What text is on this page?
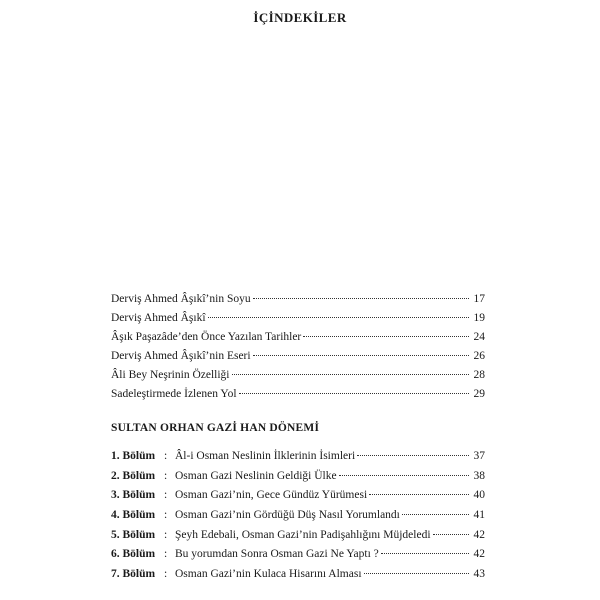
İÇİNDEKİLER
Derviş Ahmed Âşıkî’nin Soyu	17
Derviş Ahmed Âşıkî	19
Âşık Paşazâde’den Önce Yazılan Tarihler	24
Derviş Ahmed Âşıkî’nin Eseri	26
Âli Bey Neşrinin Özelliği	28
Sadeleştirmede İzlenen Yol	29
SULTAN ORHAN GAZİ HAN DÖNEMİ
1. Bölüm : Âl-i Osman Neslinin İlklerinin İsimleri	37
2. Bölüm : Osman Gazi Neslinin Geldiği Ülke	38
3. Bölüm : Osman Gazi’nin, Gece Gündüz Yürümesi	40
4. Bölüm : Osman Gazi’nin Gördüğü Düş Nasıl Yorumlandı	41
5. Bölüm : Şeyh Edebali, Osman Gazi’nin Padişahlığını Müjdeledi	42
6. Bölüm : Bu yorumdan Sonra Osman Gazi Ne Yaptı ?	42
7. Bölüm : Osman Gazi’nin Kulaca Hisarını Alması	43
